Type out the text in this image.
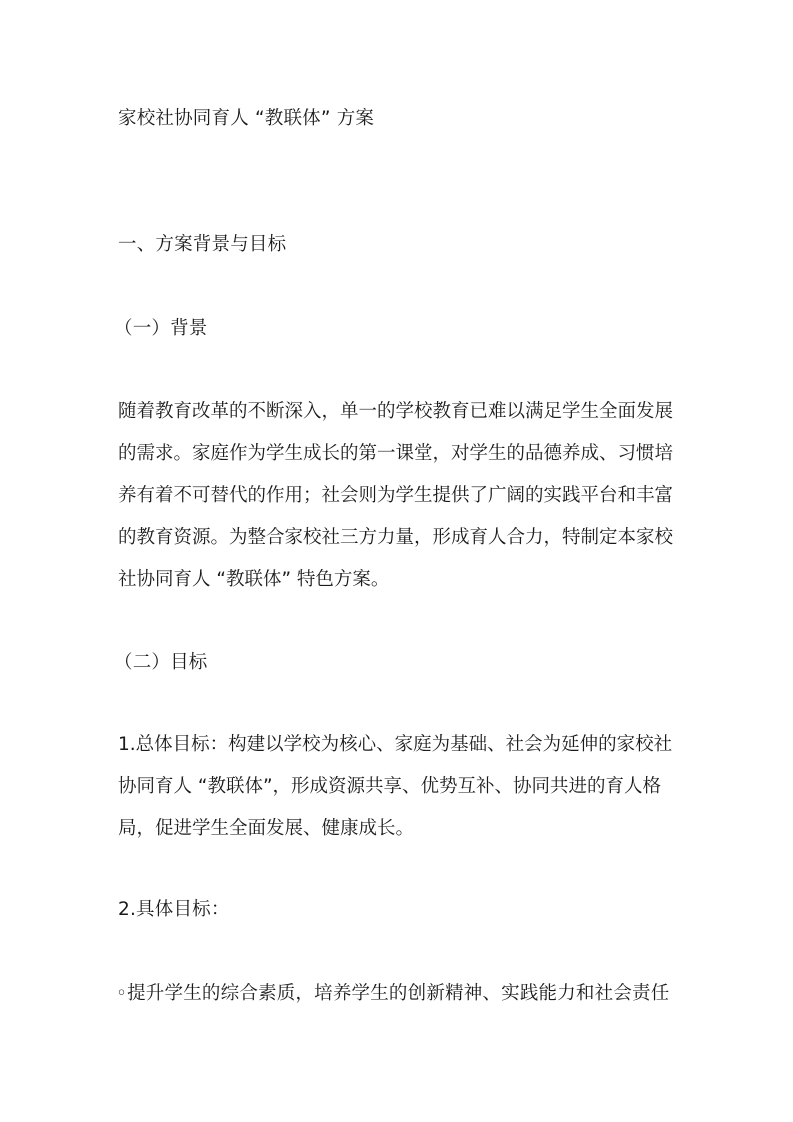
家校社协同育人 “教联体” 方案
一、方案背景与目标
（一）背景
随着教育改革的不断深入，单一的学校教育已难以满足学生全面发展
的需求。家庭作为学生成长的第一课堂，对学生的品德养成、习惯培
养有着不可替代的作用；社会则为学生提供了广阔的实践平台和丰富
的教育资源。为整合家校社三方力量，形成育人合力，特制定本家校
社协同育人 “教联体” 特色方案。
（二）目标
1.总体目标：构建以学校为核心、家庭为基础、社会为延伸的家校社
协同育人 “教联体”，形成资源共享、优势互补、协同共进的育人格
局，促进学生全面发展、健康成长。
2.具体目标：
◦提升学生的综合素质，培养学生的创新精神、实践能力和社会责任
